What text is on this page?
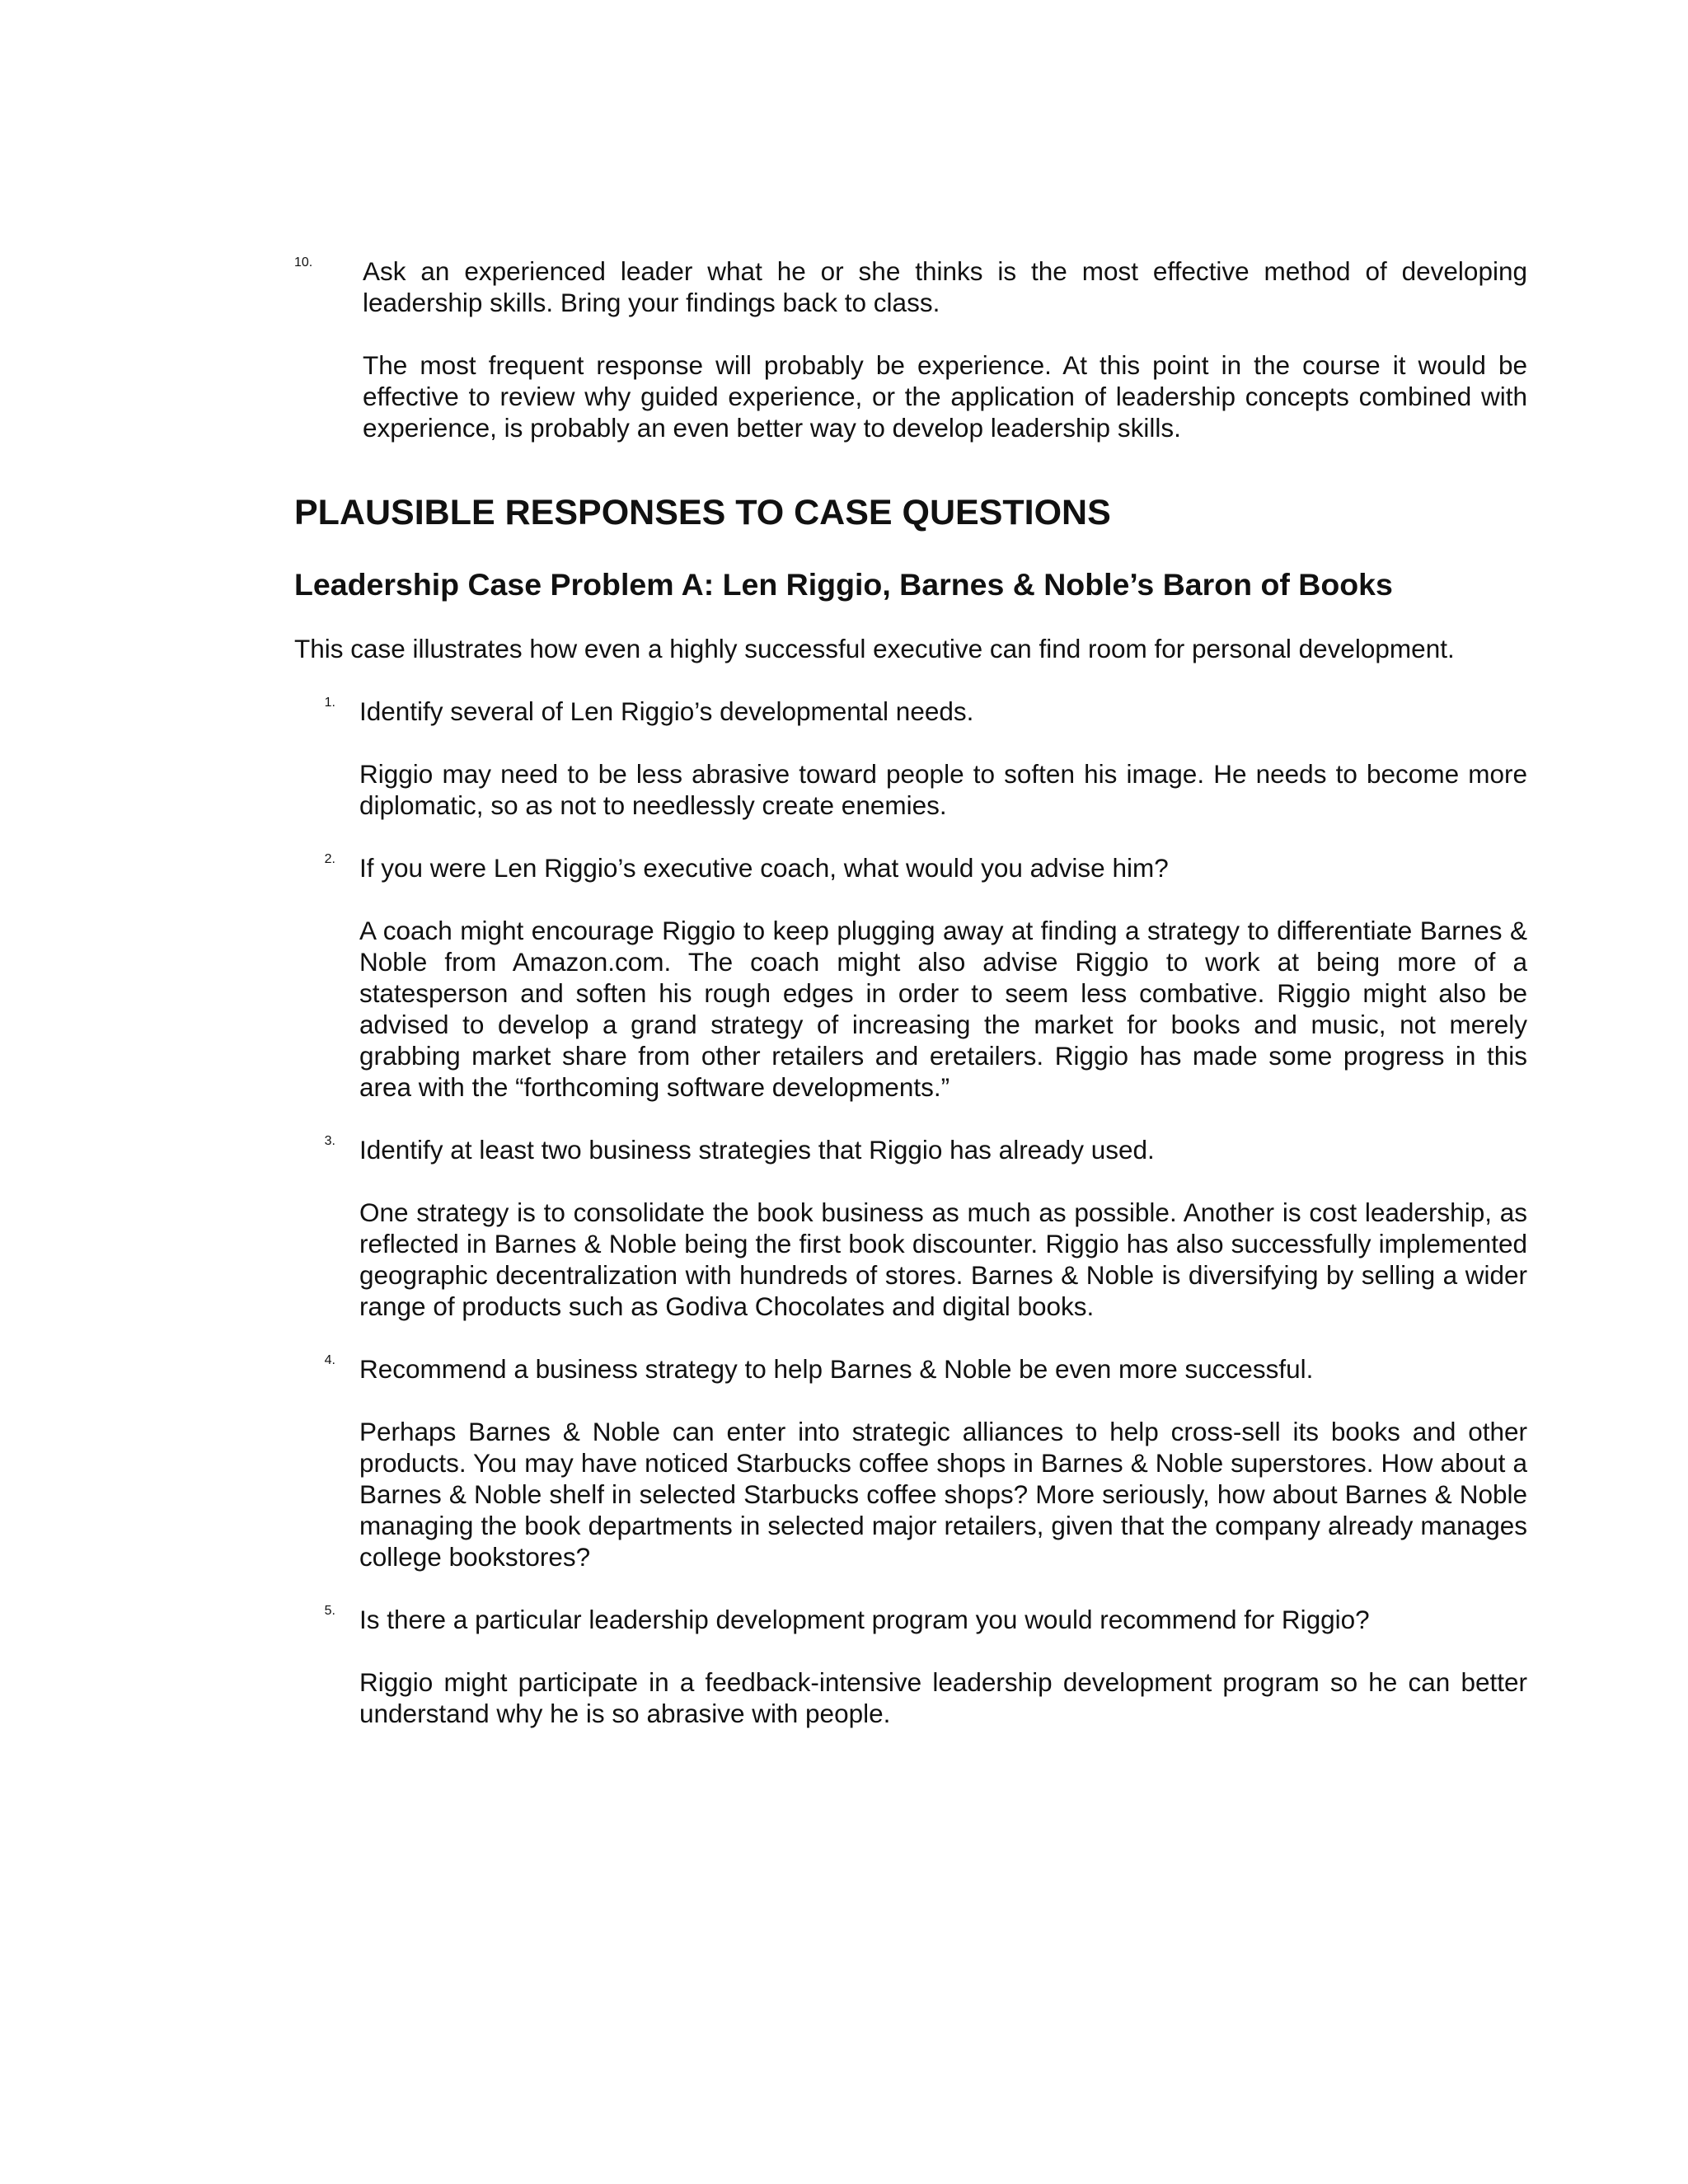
10.	Ask an experienced leader what he or she thinks is the most effective method of developing leadership skills. Bring your findings back to class.

The most frequent response will probably be experience. At this point in the course it would be effective to review why guided experience, or the application of leadership concepts combined with experience, is probably an even better way to develop leadership skills.

PLAUSIBLE RESPONSES TO CASE QUESTIONS
Leadership Case Problem A: Len Riggio, Barnes & Noble’s Baron of Books

This case illustrates how even a highly successful executive can find room for personal development.

1. Identify several of Len Riggio’s developmental needs.

Riggio may need to be less abrasive toward people to soften his image. He needs to become more diplomatic, so as not to needlessly create enemies.

2. If you were Len Riggio’s executive coach, what would you advise him?

A coach might encourage Riggio to keep plugging away at finding a strategy to differentiate Barnes & Noble from Amazon.com. The coach might also advise Riggio to work at being more of a statesperson and soften his rough edges in order to seem less combative. Riggio might also be advised to develop a grand strategy of increasing the market for books and music, not merely grabbing market share from other retailers and eretailers. Riggio has made some progress in this area with the “forthcoming software developments.”

3. Identify at least two business strategies that Riggio has already used.

One strategy is to consolidate the book business as much as possible. Another is cost leadership, as reflected in Barnes & Noble being the first book discounter. Riggio has also successfully implemented geographic decentralization with hundreds of stores. Barnes & Noble is diversifying by selling a wider range of products such as Godiva Chocolates and digital books.

4. Recommend a business strategy to help Barnes & Noble be even more successful.

Perhaps Barnes & Noble can enter into strategic alliances to help cross-sell its books and other products. You may have noticed Starbucks coffee shops in Barnes & Noble superstores. How about a Barnes & Noble shelf in selected Starbucks coffee shops? More seriously, how about Barnes & Noble managing the book departments in selected major retailers, given that the company already manages college bookstores?

5. Is there a particular leadership development program you would recommend for Riggio?

Riggio might participate in a feedback-intensive leadership development program so he can better understand why he is so abrasive with people.
